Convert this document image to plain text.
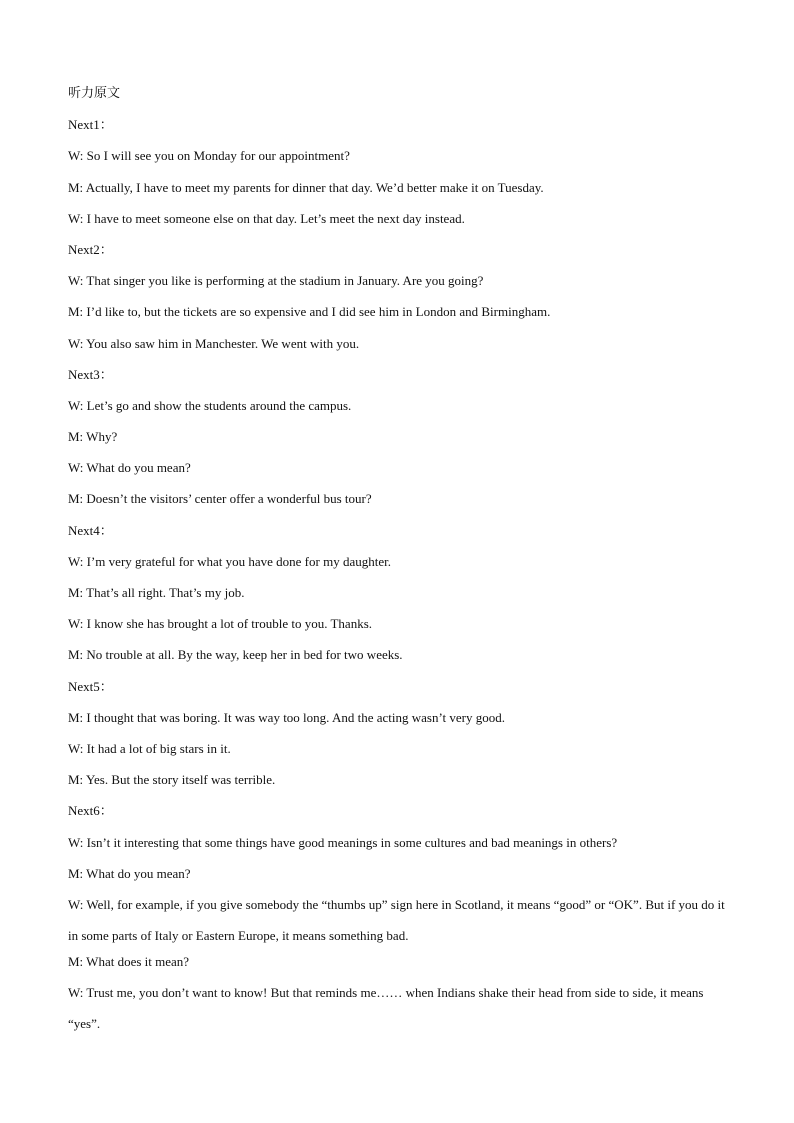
听力原文
Next1：
W: So I will see you on Monday for our appointment?
M: Actually, I have to meet my parents for dinner that day. We’d better make it on Tuesday.
W: I have to meet someone else on that day. Let’s meet the next day instead.
Next2：
W: That singer you like is performing at the stadium in January. Are you going?
M: I’d like to, but the tickets are so expensive and I did see him in London and Birmingham.
W: You also saw him in Manchester. We went with you.
Next3：
W: Let’s go and show the students around the campus.
M: Why?
W: What do you mean?
M: Doesn’t the visitors’ center offer a wonderful bus tour?
Next4：
W: I’m very grateful for what you have done for my daughter.
M: That’s all right. That’s my job.
W: I know she has brought a lot of trouble to you. Thanks.
M: No trouble at all. By the way, keep her in bed for two weeks.
Next5：
M: I thought that was boring. It was way too long. And the acting wasn’t very good.
W: It had a lot of big stars in it.
M: Yes. But the story itself was terrible.
Next6：
W: Isn’t it interesting that some things have good meanings in some cultures and bad meanings in others?
M: What do you mean?
W: Well, for example, if you give somebody the “thumbs up” sign here in Scotland, it means “good” or “OK”. But if you do it in some parts of Italy or Eastern Europe, it means something bad.
M: What does it mean?
W: Trust me, you don’t want to know! But that reminds me…… when Indians shake their head from side to side, it means “yes”.
